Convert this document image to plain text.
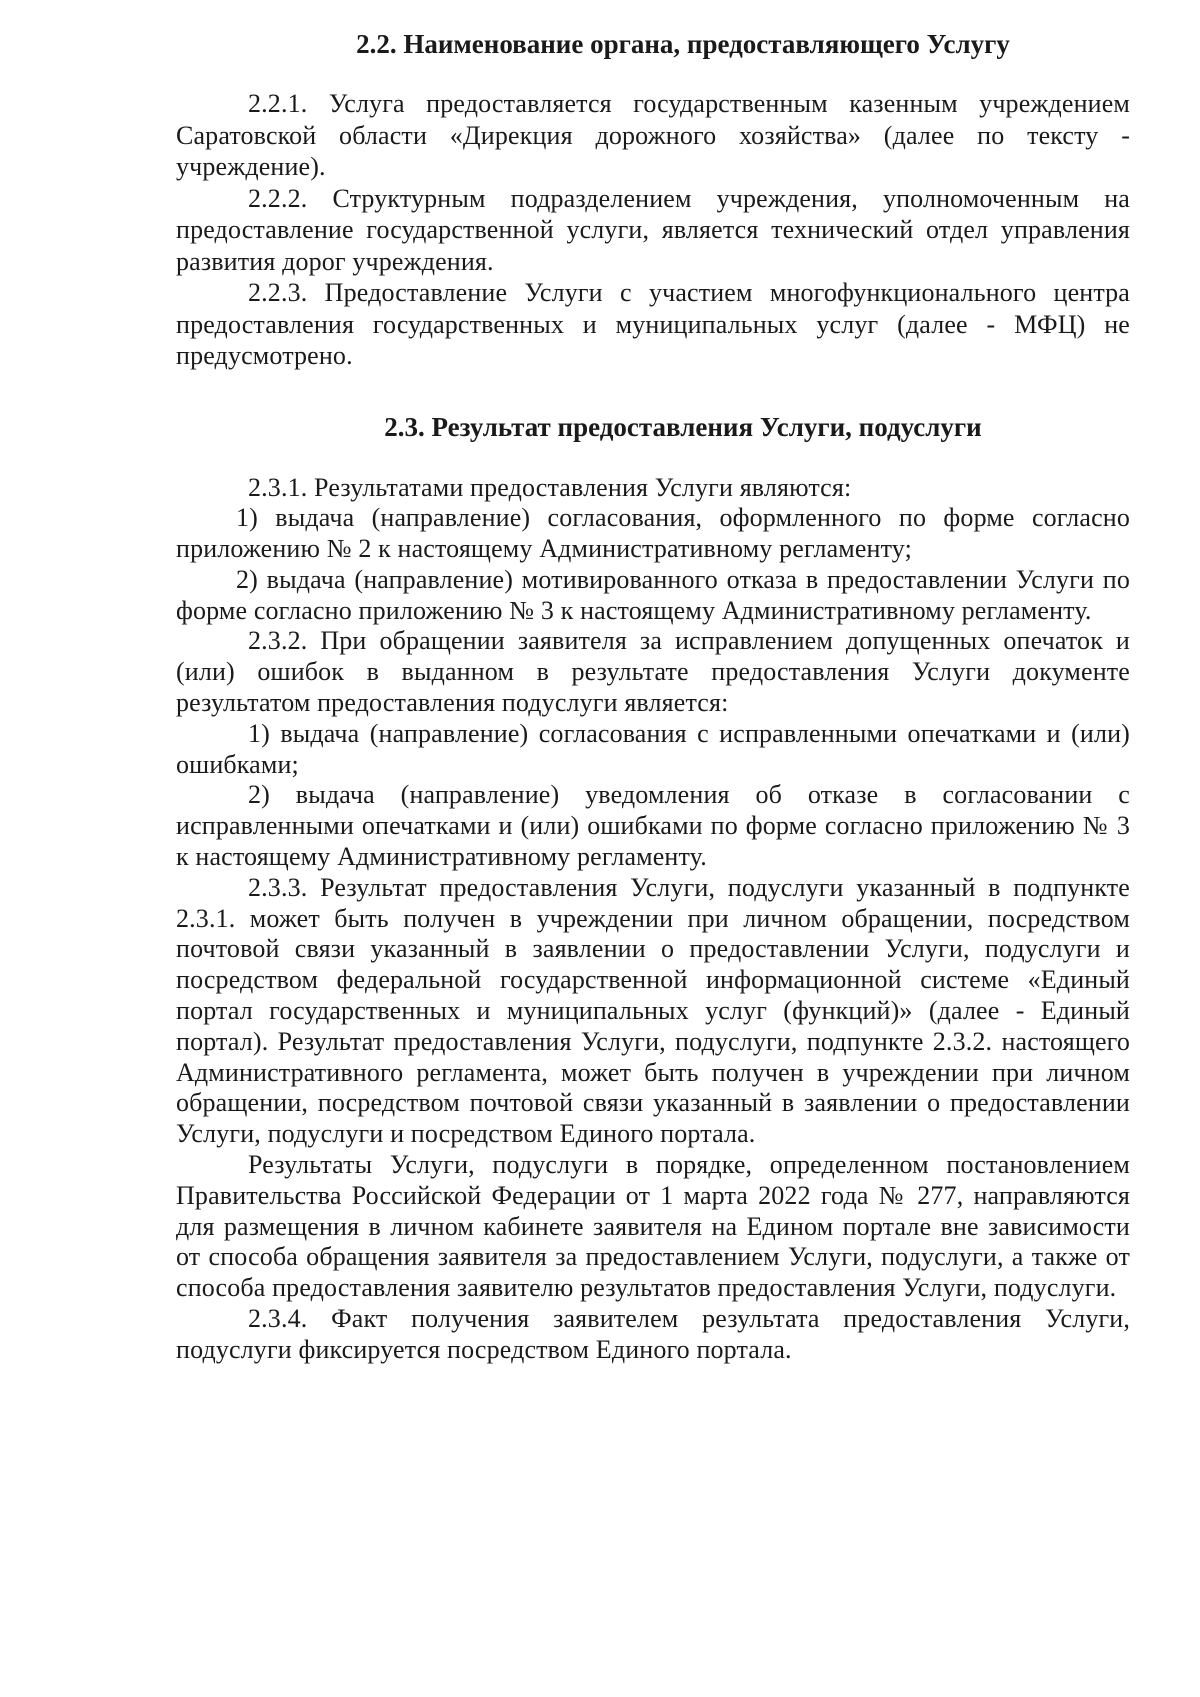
2.2. Наименование органа, предоставляющего Услугу

2.2.1. Услуга предоставляется государственным казенным учреждением Саратовской области «Дирекция дорожного хозяйства» (далее по тексту - учреждение).

2.2.2. Структурным подразделением учреждения, уполномоченным на предоставление государственной услуги, является технический отдел управления развития дорог учреждения.

2.2.3. Предоставление Услуги с участием многофункционального центра предоставления государственных и муниципальных услуг (далее - МФЦ) не предусмотрено.

2.3. Результат предоставления Услуги, подуслуги

2.3.1. Результатами предоставления Услуги являются:

1) выдача (направление) согласования, оформленного по форме согласно приложению № 2 к настоящему Административному регламенту;

2) выдача (направление) мотивированного отказа в предоставлении Услуги по форме согласно приложению № 3 к настоящему Административному регламенту.

2.3.2. При обращении заявителя за исправлением допущенных опечаток и (или) ошибок в выданном в результате предоставления Услуги документе результатом предоставления подуслуги является:

1) выдача (направление) согласования с исправленными опечатками и (или) ошибками;

2) выдача (направление) уведомления об отказе в согласовании с исправленными опечатками и (или) ошибками по форме согласно приложению № 3 к настоящему Административному регламенту.

2.3.3. Результат предоставления Услуги, подуслуги указанный в подпункте 2.3.1. может быть получен в учреждении при личном обращении, посредством почтовой связи указанный в заявлении о предоставлении Услуги, подуслуги и посредством федеральной государственной информационной системе «Единый портал государственных и муниципальных услуг (функций)» (далее - Единый портал). Результат предоставления Услуги, подуслуги, подпункте 2.3.2. настоящего Административного регламента, может быть получен в учреждении при личном обращении, посредством почтовой связи указанный в заявлении о предоставлении Услуги, подуслуги и посредством Единого портала.

Результаты Услуги, подуслуги в порядке, определенном постановлением Правительства Российской Федерации от 1 марта 2022 года № 277, направляются для размещения в личном кабинете заявителя на Едином портале вне зависимости от способа обращения заявителя за предоставлением Услуги, подуслуги, а также от способа предоставления заявителю результатов предоставления Услуги, подуслуги.

2.3.4. Факт получения заявителем результата предоставления Услуги, подуслуги фиксируется посредством Единого портала.
